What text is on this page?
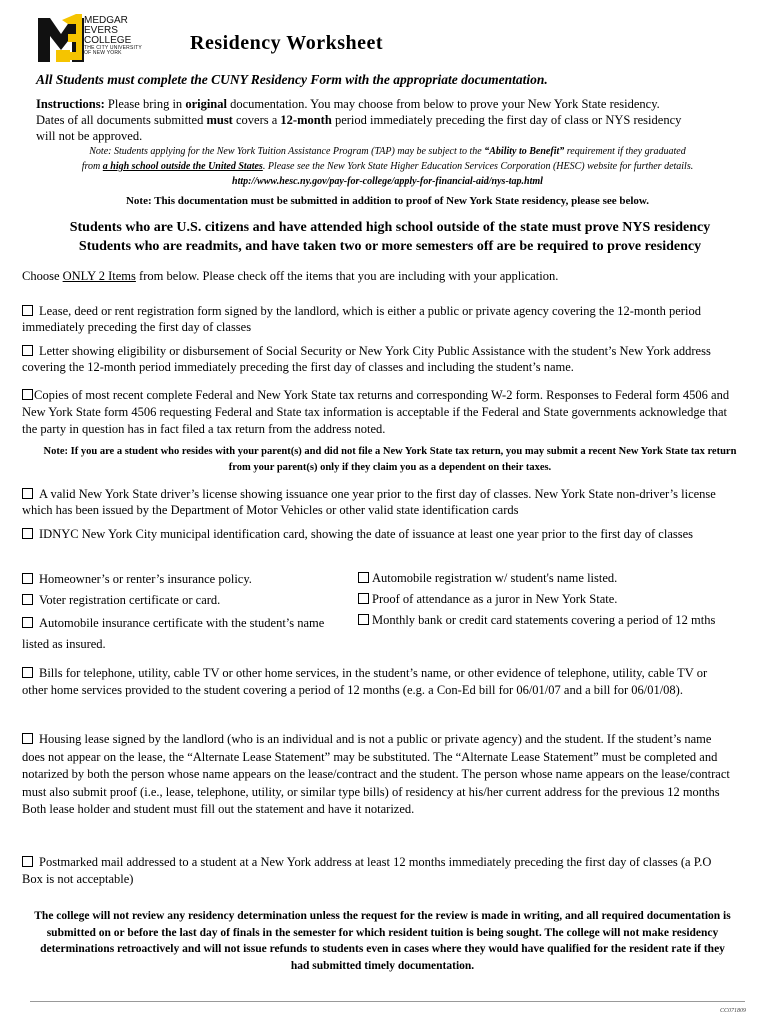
MEDGAR
EVERS
COLLEGE
THE CITY UNIVERSITY
OF NEW YORK	Residency Worksheet
All Students must complete the CUNY Residency Form with the appropriate documentation.
Instructions: Please bring in original documentation. You may choose from below to prove your New York State residency.
Dates of all documents submitted must covers a 12-month period immediately preceding the first day of class or NYS residency
will not be approved.
Note: Students applying for the New York Tuition Assistance Program (TAP) may be subject to the “Ability to Benefit” requirement if they graduated
from a high school outside the United States. Please see the New York State Higher Education Services Corporation (HESC) website for further details.
http://www.hesc.ny.gov/pay-for-college/apply-for-financial-aid/nys-tap.html
Note: This documentation must be submitted in addition to proof of New York State residency, please see below.
Students who are U.S. citizens and have attended high school outside of the state must prove NYS residency
Students who are readmits, and have taken two or more semesters off are be required to prove residency
Choose ONLY 2 Items from below. Please check off the items that you are including with your application.
Lease, deed or rent registration form signed by the landlord, which is either a public or private agency covering the 12-month period immediately preceding the first day of classes
Letter showing eligibility or disbursement of Social Security or New York City Public Assistance with the student’s New York address covering the 12-month period immediately preceding the first day of classes and including the student’s name.
Copies of most recent complete Federal and New York State tax returns and corresponding W-2 form. Responses to Federal form 4506 and New York State form 4506 requesting Federal and State tax information is acceptable if the Federal and State governments acknowledge that the party in question has in fact filed a tax return from the address noted.
Note: If you are a student who resides with your parent(s) and did not file a New York State tax return, you may submit a recent New York State tax return from your parent(s) only if they claim you as a dependent on their taxes.
A valid New York State driver’s license showing issuance one year prior to the first day of classes. New York State non-driver’s license which has been issued by the Department of Motor Vehicles or other valid state identification cards
IDNYC New York City municipal identification card, showing the date of issuance at least one year prior to the first day of classes
Homeowner’s or renter’s insurance policy.
Voter registration certificate or card.
Automobile insurance certificate with the student’s name listed as insured.
Automobile registration w/ student's name listed.
Proof of attendance as a juror in New York State.
Monthly bank or credit card statements covering a period of 12 mths
Bills for telephone, utility, cable TV or other home services, in the student’s name, or other evidence of telephone, utility, cable TV or other home services provided to the student covering a period of 12 months (e.g. a Con-Ed bill for 06/01/07 and a bill for 06/01/08).
Housing lease signed by the landlord (who is an individual and is not a public or private agency) and the student. If the student’s name does not appear on the lease, the “Alternate Lease Statement” may be substituted. The “Alternate Lease Statement” must be completed and notarized by both the person whose name appears on the lease/contract and the student. The person whose name appears on the lease/contract must also submit proof (i.e., lease, telephone, utility, or similar type bills) of residency at his/her current address for the previous 12 months Both lease holder and student must fill out the statement and have it notarized.
Postmarked mail addressed to a student at a New York address at least 12 months immediately preceding the first day of classes (a P.O Box is not acceptable)
The college will not review any residency determination unless the request for the review is made in writing, and all required documentation is submitted on or before the last day of finals in the semester for which resident tuition is being sought. The college will not make residency determinations retroactively and will not issue refunds to students even in cases where they would have qualified for the resident rate if they had submitted timely documentation.
CC071809
